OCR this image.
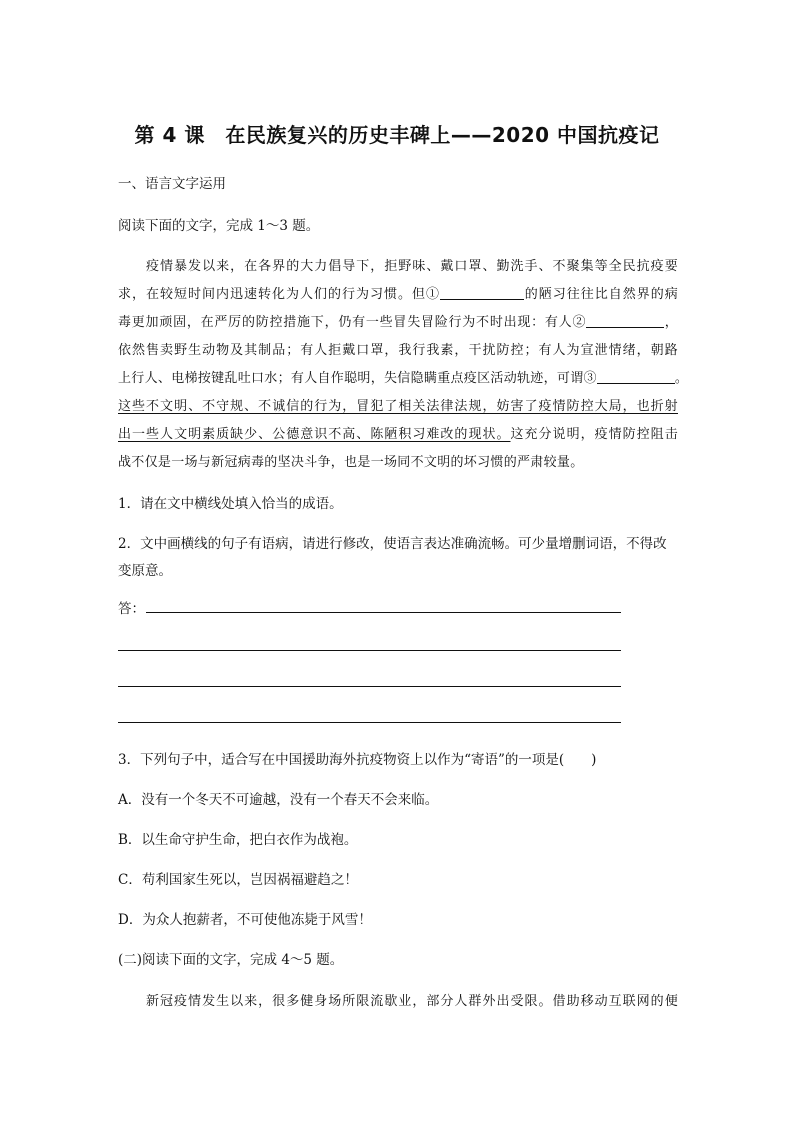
第 4 课　在民族复兴的历史丰碑上——2020 中国抗疫记
一、语言文字运用
阅读下面的文字，完成 1～3 题。
疫情暴发以来，在各界的大力倡导下，拒野味、戴口罩、勤洗手、不聚集等全民抗疫要
求，在较短时间内迅速转化为人们的行为习惯。但①	的陋习往往比自然界的病
毒更加顽固，在严厉的防控措施下，仍有一些冒失冒险行为不时出现：有人②	，
依然售卖野生动物及其制品；有人拒戴口罩，我行我素，干扰防控；有人为宣泄情绪，朝路
上行人、电梯按键乱吐口水；有人自作聪明，失信隐瞒重点疫区活动轨迹，可谓③	。
这些不文明、不守规、不诚信的行为，冒犯了相关法律法规，妨害了疫情防控大局，也折射
出一些人文明素质缺少、公德意识不高、陈陋积习难改的现状。这充分说明，疫情防控阻击
战不仅是一场与新冠病毒的坚决斗争，也是一场同不文明的坏习惯的严肃较量。
1．请在文中横线处填入恰当的成语。
2．文中画横线的句子有语病，请进行修改，使语言表达准确流畅。可少量增删词语，不得改
变原意。
答：
3．下列句子中，适合写在中国援助海外抗疫物资上以作为“寄语”的一项是(　　)
A．没有一个冬天不可逾越，没有一个春天不会来临。
B．以生命守护生命，把白衣作为战袍。
C．苟利国家生死以，岂因祸福避趋之！
D．为众人抱薪者，不可使他冻毙于风雪！
(二)阅读下面的文字，完成 4～5 题。
新冠疫情发生以来，很多健身场所限流歇业，部分人群外出受限。借助移动互联网的便
